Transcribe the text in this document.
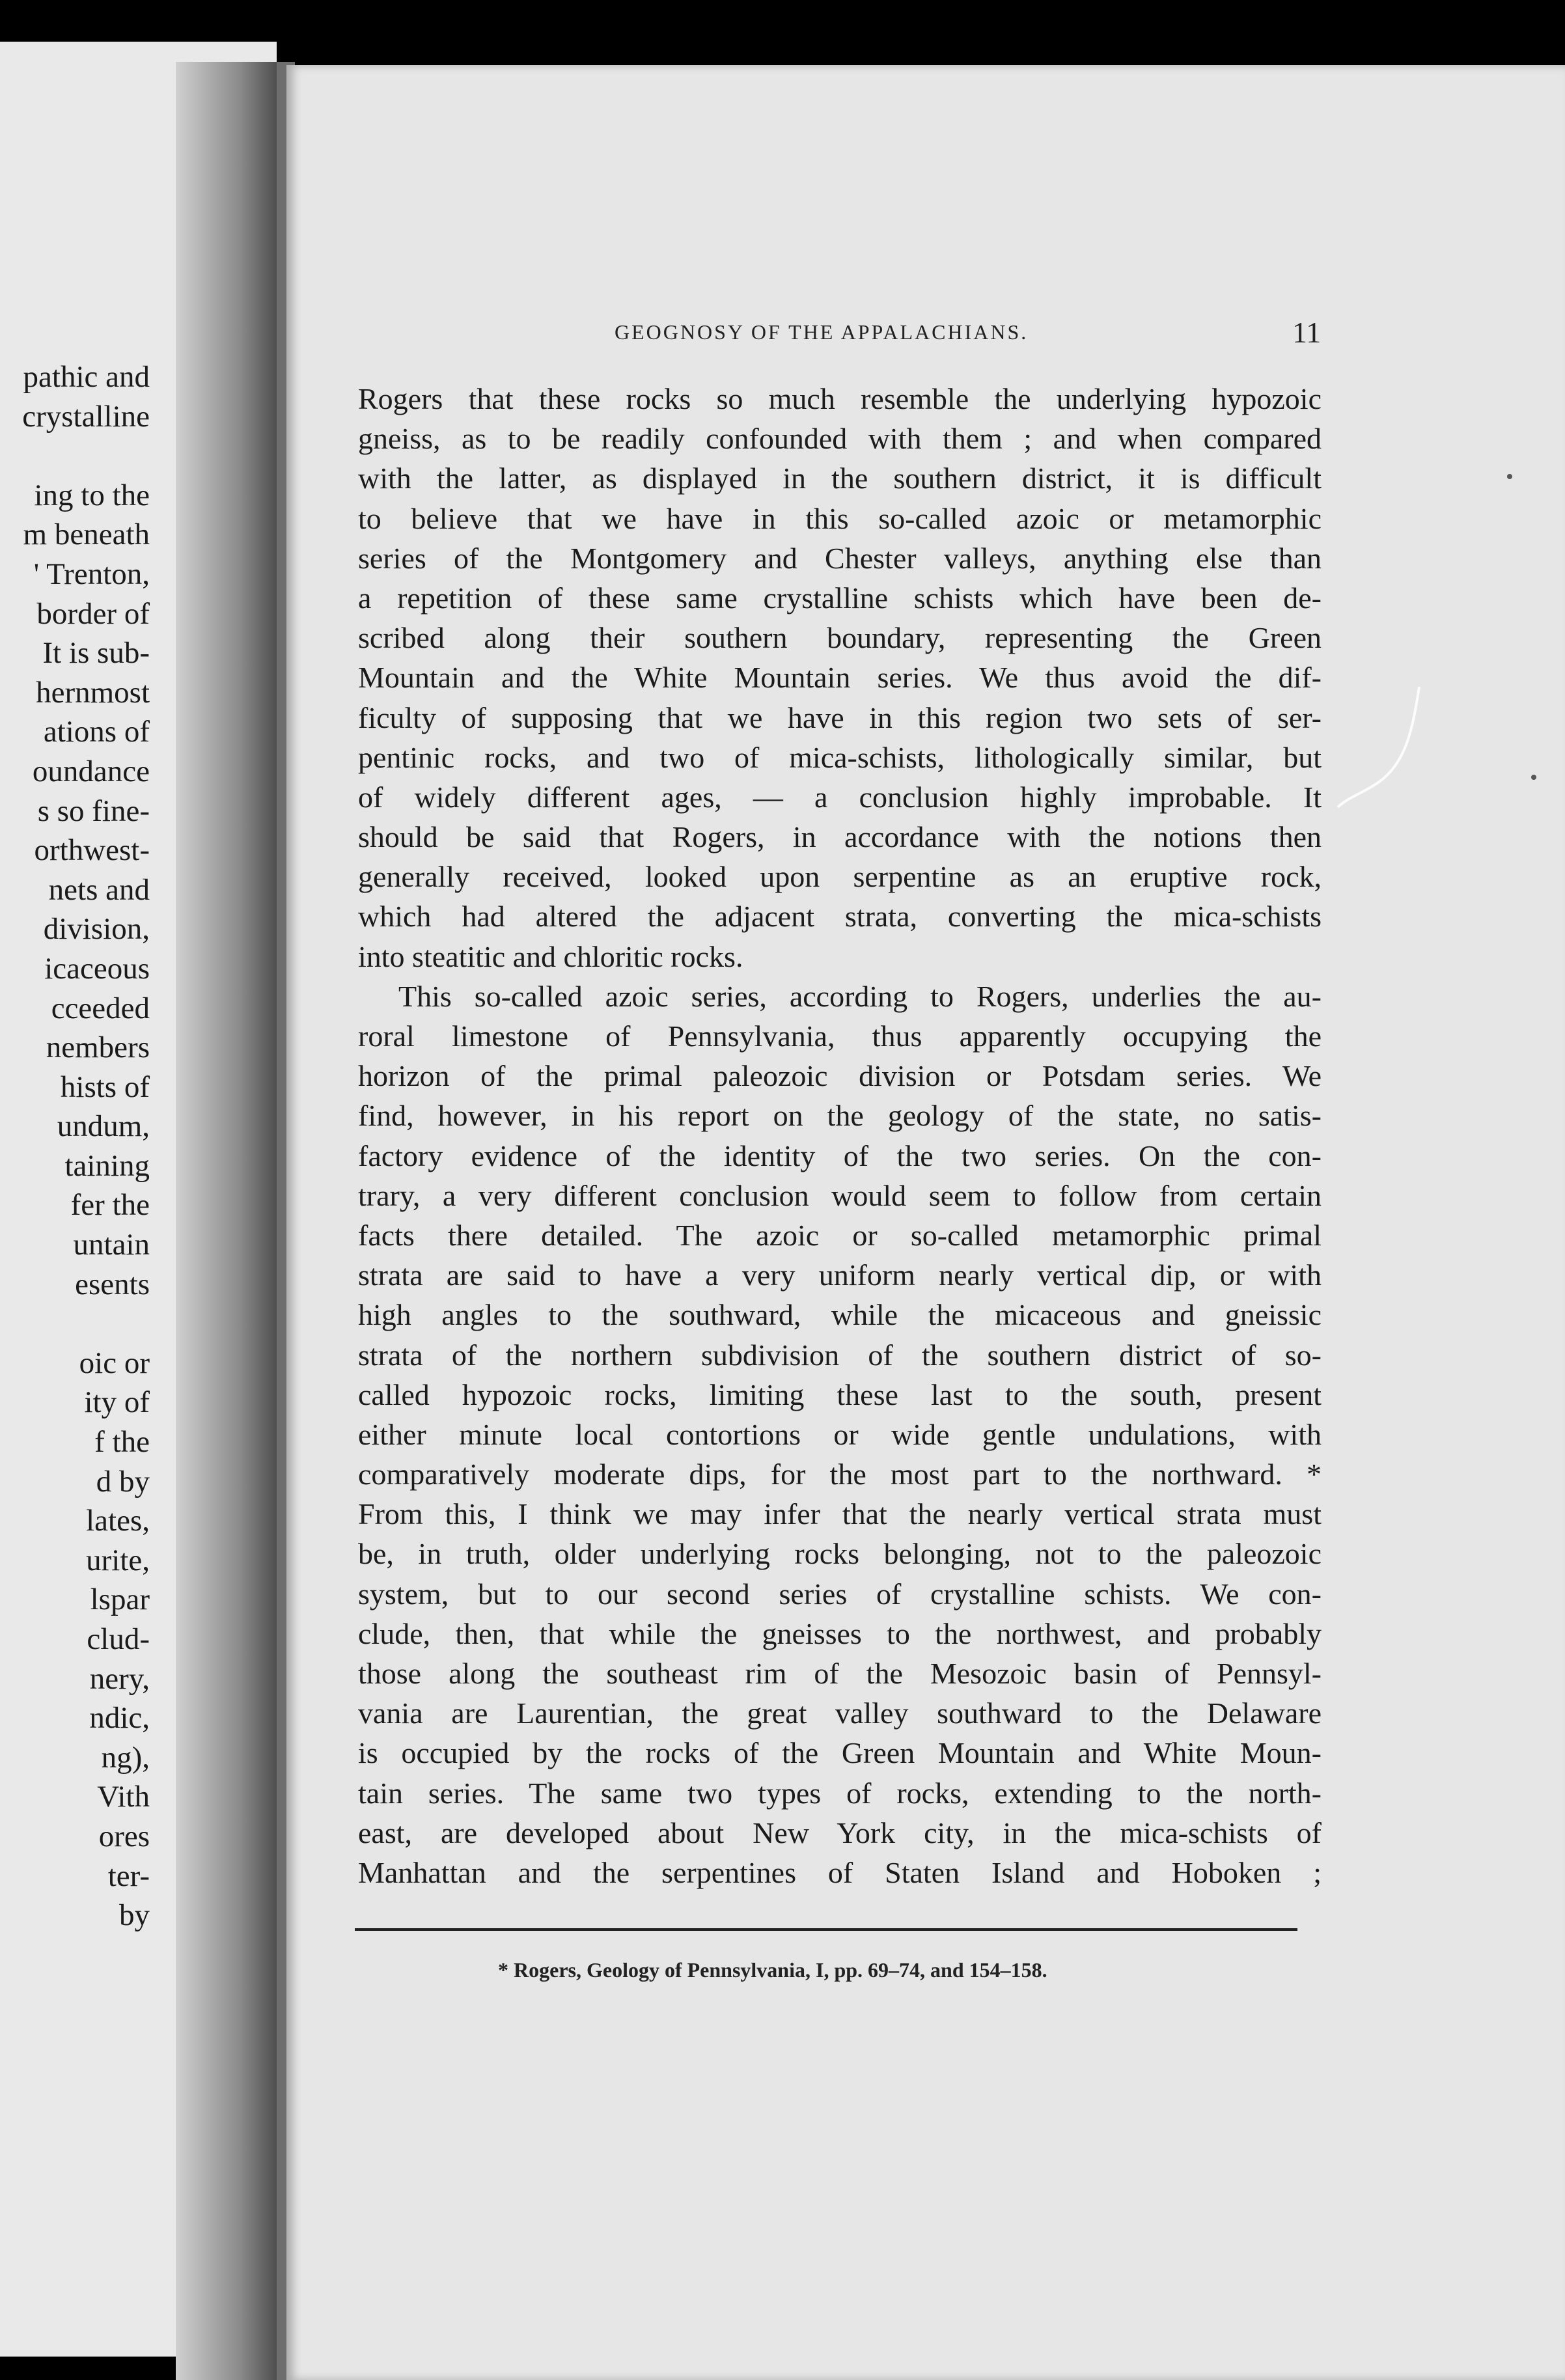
pathic and
crystalline
ing to the
m beneath
' Trenton,
border of
It is sub-
hernmost
ations of
oundance
s so fine-
orthwest-
nets and
division,
icaceous
cceeded
nembers
hists of
undum,
taining
fer the
untain
esents
oic or
ity of
f the
d by
lates,
urite,
lspar
clud-
nery,
ndic,
ng),
Vith
ores
ter-
by
GEOGNOSY OF THE APPALACHIANS.	11
Rogers that these rocks so much resemble the underlying hypozoic
gneiss, as to be readily confounded with them ; and when compared
with the latter, as displayed in the southern district, it is difficult
to believe that we have in this so-called azoic or metamorphic
series of the Montgomery and Chester valleys, anything else than
a repetition of these same crystalline schists which have been de-
scribed along their southern boundary, representing the Green
Mountain and the White Mountain series. We thus avoid the dif-
ficulty of supposing that we have in this region two sets of ser-
pentinic rocks, and two of mica-schists, lithologically similar, but
of widely different ages, — a conclusion highly improbable. It
should be said that Rogers, in accordance with the notions then
generally received, looked upon serpentine as an eruptive rock,
which had altered the adjacent strata, converting the mica-schists
into steatitic and chloritic rocks.
This so-called azoic series, according to Rogers, underlies the au-
roral limestone of Pennsylvania, thus apparently occupying the
horizon of the primal paleozoic division or Potsdam series. We
find, however, in his report on the geology of the state, no satis-
factory evidence of the identity of the two series. On the con-
trary, a very different conclusion would seem to follow from certain
facts there detailed. The azoic or so-called metamorphic primal
strata are said to have a very uniform nearly vertical dip, or with
high angles to the southward, while the micaceous and gneissic
strata of the northern subdivision of the southern district of so-
called hypozoic rocks, limiting these last to the south, present
either minute local contortions or wide gentle undulations, with
comparatively moderate dips, for the most part to the northward. *
From this, I think we may infer that the nearly vertical strata must
be, in truth, older underlying rocks belonging, not to the paleozoic
system, but to our second series of crystalline schists. We con-
clude, then, that while the gneisses to the northwest, and probably
those along the southeast rim of the Mesozoic basin of Pennsyl-
vania are Laurentian, the great valley southward to the Delaware
is occupied by the rocks of the Green Mountain and White Moun-
tain series. The same two types of rocks, extending to the north-
east, are developed about New York city, in the mica-schists of
Manhattan and the serpentines of Staten Island and Hoboken ;
* Rogers, Geology of Pennsylvania, I, pp. 69–74, and 154–158.
